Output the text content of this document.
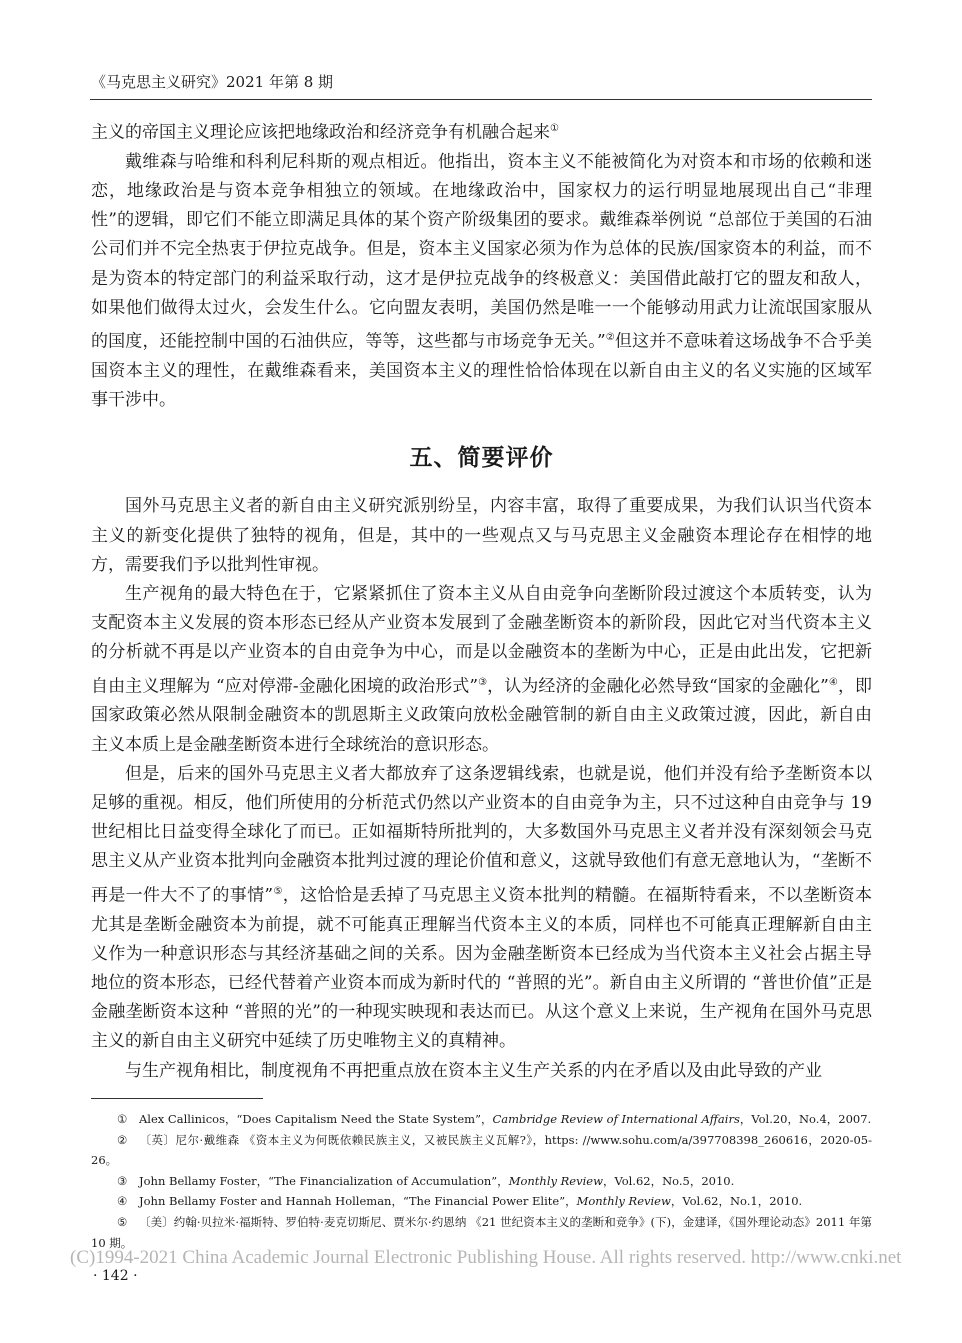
《马克思主义研究》2021 年第 8 期

主义的帝国主义理论应该把地缘政治和经济竞争有机融合起来①

戴维森与哈维和科利尼科斯的观点相近。他指出，资本主义不能被简化为对资本和市场的依赖和迷恋，地缘政治是与资本竞争相独立的领域。在地缘政治中，国家权力的运行明显地展现出自己“非理性”的逻辑，即它们不能立即满足具体的某个资产阶级集团的要求。戴维森举例说 “总部位于美国的石油公司们并不完全热衷于伊拉克战争。但是，资本主义国家必须为作为总体的民族/国家资本的利益，而不是为资本的特定部门的利益采取行动，这才是伊拉克战争的终极意义：美国借此敲打它的盟友和敌人，如果他们做得太过火，会发生什么。它向盟友表明，美国仍然是唯一一个能够动用武力让流氓国家服从的国度，还能控制中国的石油供应，等等，这些都与市场竞争无关。”②但这并不意味着这场战争不合乎美国资本主义的理性，在戴维森看来，美国资本主义的理性恰恰体现在以新自由主义的名义实施的区域军事干涉中。

五、简要评价

国外马克思主义者的新自由主义研究派别纷呈，内容丰富，取得了重要成果，为我们认识当代资本主义的新变化提供了独特的视角，但是，其中的一些观点又与马克思主义金融资本理论存在相悖的地方，需要我们予以批判性审视。

生产视角的最大特色在于，它紧紧抓住了资本主义从自由竞争向垄断阶段过渡这个本质转变，认为支配资本主义发展的资本形态已经从产业资本发展到了金融垄断资本的新阶段，因此它对当代资本主义的分析就不再是以产业资本的自由竞争为中心，而是以金融资本的垄断为中心，正是由此出发，它把新自由主义理解为 “应对停滞-金融化困境的政治形式”③，认为经济的金融化必然导致“国家的金融化”④，即国家政策必然从限制金融资本的凯恩斯主义政策向放松金融管制的新自由主义政策过渡，因此，新自由主义本质上是金融垄断资本进行全球统治的意识形态。

但是，后来的国外马克思主义者大都放弃了这条逻辑线索，也就是说，他们并没有给予垄断资本以足够的重视。相反，他们所使用的分析范式仍然以产业资本的自由竞争为主，只不过这种自由竞争与 19 世纪相比日益变得全球化了而已。正如福斯特所批判的，大多数国外马克思主义者并没有深刻领会马克思主义从产业资本批判向金融资本批判过渡的理论价值和意义，这就导致他们有意无意地认为，“垄断不再是一件大不了的事情”⑤，这恰恰是丢掉了马克思主义资本批判的精髓。在福斯特看来，不以垄断资本尤其是垄断金融资本为前提，就不可能真正理解当代资本主义的本质，同样也不可能真正理解新自由主义作为一种意识形态与其经济基础之间的关系。因为金融垄断资本已经成为当代资本主义社会占据主导地位的资本形态，已经代替着产业资本而成为新时代的 “普照的光”。新自由主义所谓的 “普世价值”正是金融垄断资本这种 “普照的光”的一种现实映现和表达而已。从这个意义上来说，生产视角在国外马克思主义的新自由主义研究中延续了历史唯物主义的真精神。

与生产视角相比，制度视角不再把重点放在资本主义生产关系的内在矛盾以及由此导致的产业

① Alex Callinicos，“Does Capitalism Need the State System”，Cambridge Review of International Affairs，Vol.20，No.4，2007.

② 〔英〕尼尔·戴维森 《资本主义为何既依赖民族主义，又被民族主义瓦解?》，https: //www.sohu.com/a/397708398_260616，2020-05-26。

③ John Bellamy Foster，“The Financialization of Accumulation”，Monthly Review，Vol.62，No.5，2010.

④ John Bellamy Foster and Hannah Holleman，“The Financial Power Elite”，Monthly Review，Vol.62，No.1，2010.

⑤ 〔美〕约翰·贝拉米·福斯特、罗伯特·麦克切斯尼、贾米尔·约恩纳 《21 世纪资本主义的垄断和竞争》(下)，金建译，《国外理论动态》2011 年第 10 期。

(C)1994-2021 China Academic Journal Electronic Publishing House. All rights reserved. http://www.cnki.net
· 142 ·
